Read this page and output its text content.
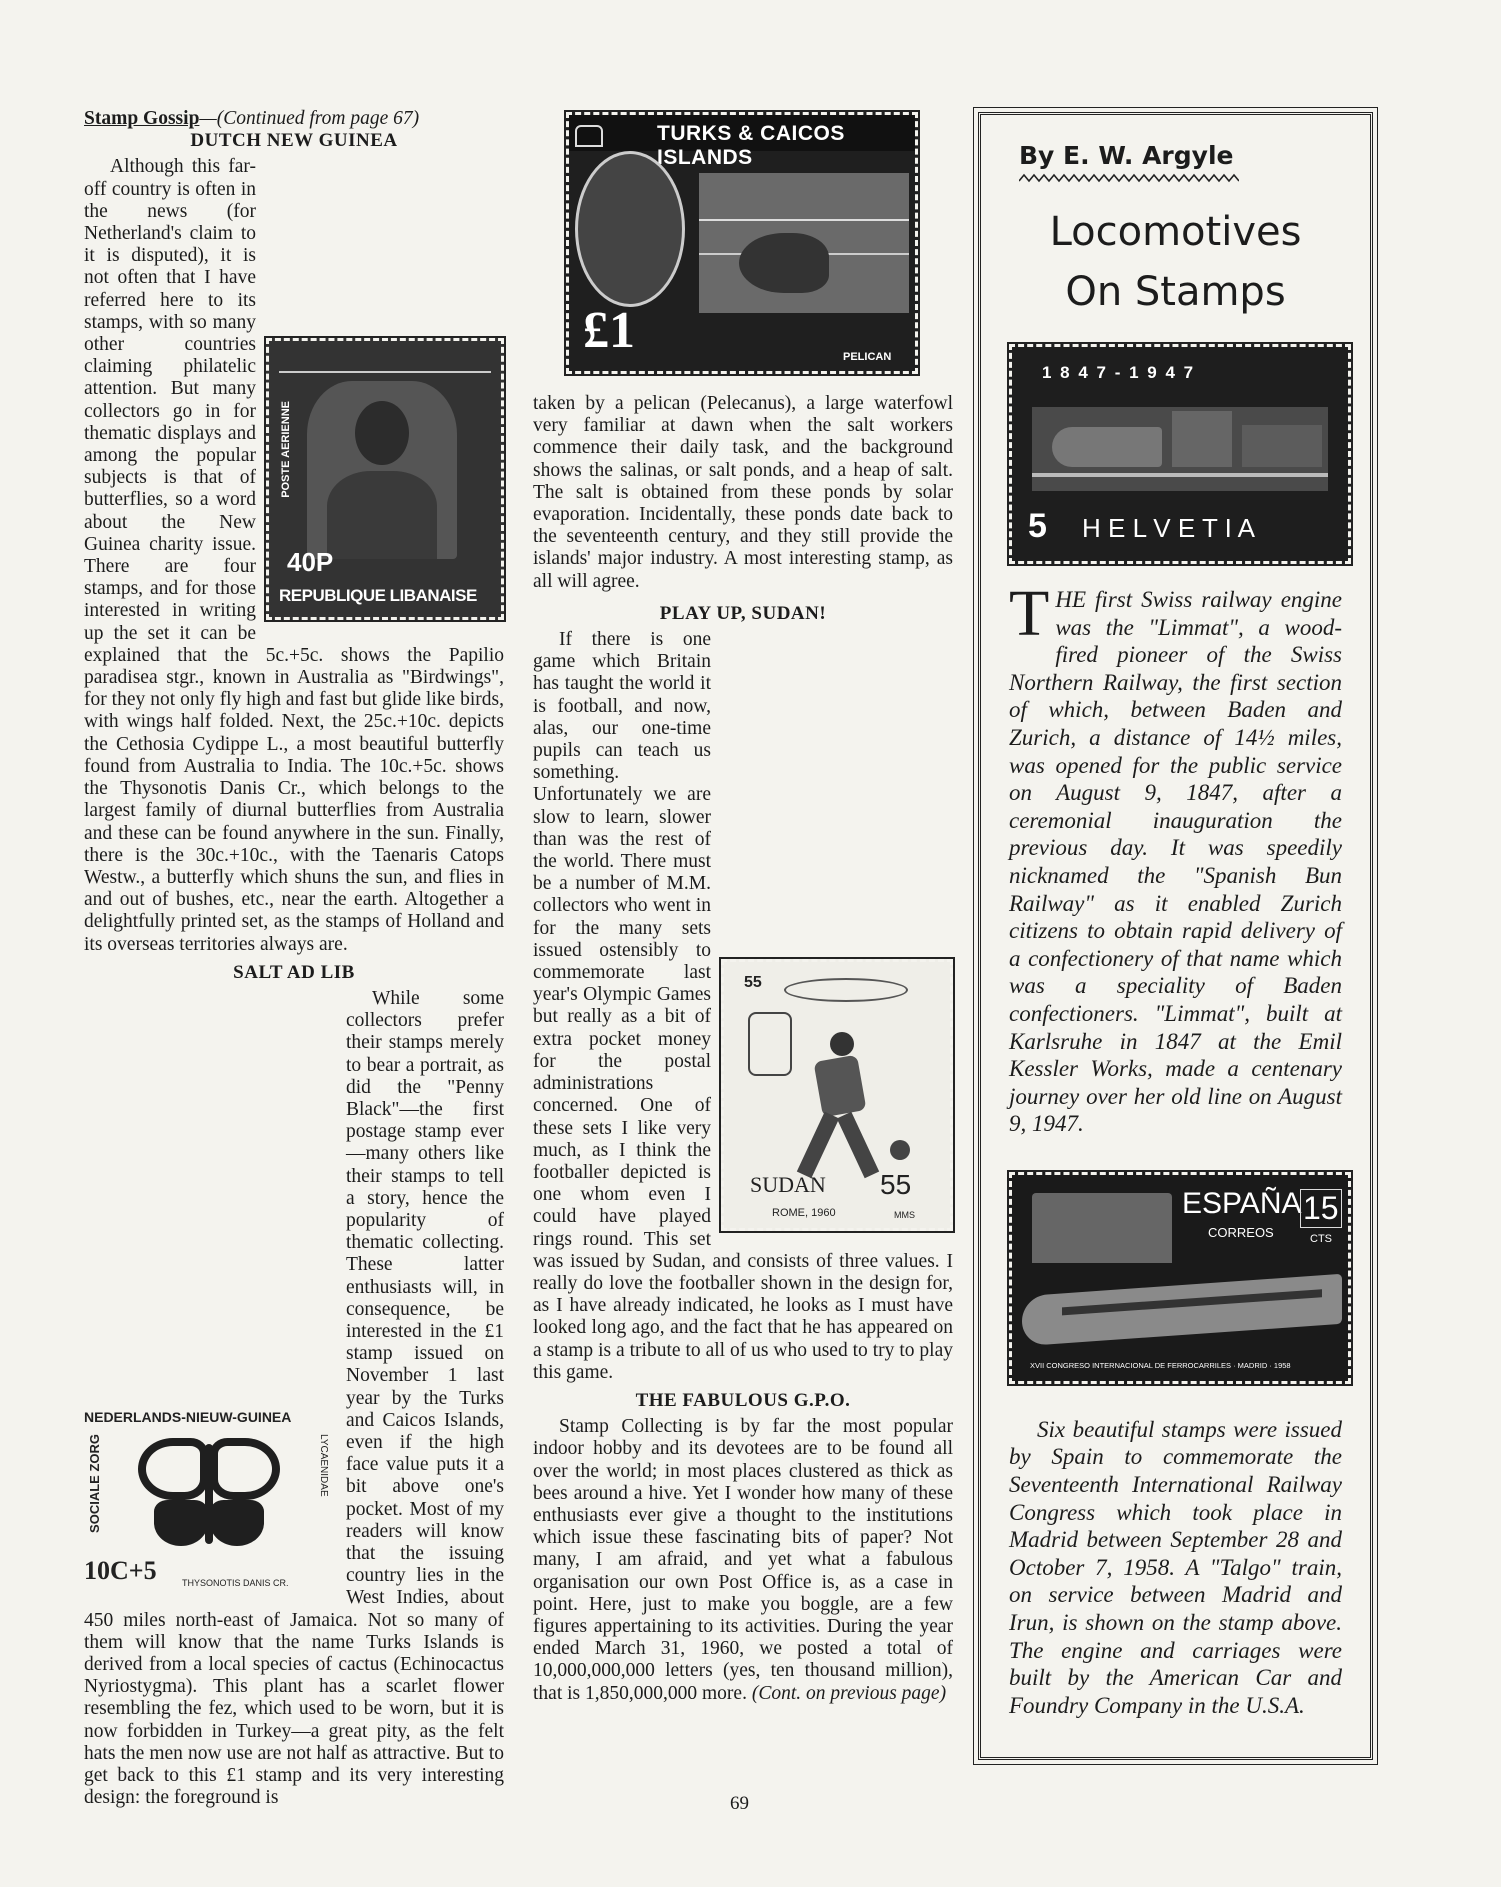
TURKS & CAICOS ISLANDS
£1	PELICAN

Stamp Gossip—(Continued from page 67)

DUTCH NEW GUINEA
POSTE AERIENNE
40P
REPUBLIQUE LIBANAISE

Although this far-off country is often in the news (for Netherland's claim to it is disputed), it is not often that I have referred here to its stamps, with so many other countries claiming philatelic attention. But many collectors go in for thematic displays and among the popular subjects is that of butterflies, so a word about the New Guinea charity issue. There are four stamps, and for those interested in writing up the set it can be explained that the 5c.+5c. shows the Papilio paradisea stgr., known in Australia as "Birdwings", for they not only fly high and fast but glide like birds, with wings half folded. Next, the 25c.+10c. depicts the Cethosia Cydippe L., a most beautiful butterfly found from Australia to India. The 10c.+5c. shows the Thysonotis Danis Cr., which belongs to the largest family of diurnal butterflies from Australia and these can be found anywhere in the sun. Finally, there is the 30c.+10c., with the Taenaris Catops Westw., a butterfly which shuns the sun, and flies in and out of bushes, etc., near the earth. Altogether a delightfully printed set, as the stamps of Holland and its overseas territories always are.

SALT AD LIB
NEDERLANDS-NIEUW-GUINEA
SOCIALE ZORG	LYCAENIDAE
10C+5	THYSONOTIS DANIS CR.

While some collectors prefer their stamps merely to bear a portrait, as did the "Penny Black"—the first postage stamp ever—many others like their stamps to tell a story, hence the popularity of thematic collecting. These latter enthusiasts will, in consequence, be interested in the £1 stamp issued on November 1 last year by the Turks and Caicos Islands, even if the high face value puts it a bit above one's pocket. Most of my readers will know that the issuing country lies in the West Indies, about 450 miles north-east of Jamaica. Not so many of them will know that the name Turks Islands is derived from a local species of cactus (Echinocactus Nyriostygma). This plant has a scarlet flower resembling the fez, which used to be worn, but it is now forbidden in Turkey—a great pity, as the felt hats the men now use are not half as attractive. But to get back to this £1 stamp and its very interesting design: the foreground is

taken by a pelican (Pelecanus), a large waterfowl very familiar at dawn when the salt workers commence their daily task, and the background shows the salinas, or salt ponds, and a heap of salt. The salt is obtained from these ponds by solar evaporation. Incidentally, these ponds date back to the seventeenth century, and they still provide the islands' major industry. A most interesting stamp, as all will agree.

PLAY UP, SUDAN!
55
SUDAN 55
ROME, 1960	MMS

If there is one game which Britain has taught the world it is football, and now, alas, our one-time pupils can teach us something. Unfortunately we are slow to learn, slower than was the rest of the world. There must be a number of M.M. collectors who went in for the many sets issued ostensibly to commemorate last year's Olympic Games but really as a bit of extra pocket money for the postal administrations concerned. One of these sets I like very much, as I think the footballer depicted is one whom even I could have played rings round. This set was issued by Sudan, and consists of three values. I really do love the footballer shown in the design for, as I have already indicated, he looks as I must have looked long ago, and the fact that he has appeared on a stamp is a tribute to all of us who used to try to play this game.

THE FABULOUS G.P.O.

Stamp Collecting is by far the most popular indoor hobby and its devotees are to be found all over the world; in most places clustered as thick as bees around a hive. Yet I wonder how many of these enthusiasts ever give a thought to the institutions which issue these fascinating bits of paper? Not many, I am afraid, and yet what a fabulous organisation our own Post Office is, as a case in point. Here, just to make you boggle, are a few figures appertaining to its activities. During the year ended March 31, 1960, we posted a total of 10,000,000,000 letters (yes, ten thousand million), that is 1,850,000,000 more. (Cont. on previous page)

By E. W. Argyle
Locomotives
On Stamps
1 8 4 7 - 1 9 4 7
5 H E L V E T I A
THE first Swiss railway engine was the "Limmat", a wood-fired pioneer of the Swiss Northern Railway, the first section of which, between Baden and Zurich, a distance of 14½ miles, was opened for the public service on August 9, 1847, after a ceremonial inauguration the previous day. It was speedily nicknamed the "Spanish Bun Railway" as it enabled Zurich citizens to obtain rapid delivery of a confectionery of that name which was a speciality of Baden confectioners. "Limmat", built at Karlsruhe in 1847 at the Emil Kessler Works, made a centenary journey over her old line on August 9, 1947.
ESPAÑA
CORREOS
15
CTS
XVII CONGRESO INTERNACIONAL DE FERROCARRILES · MADRID · 1958
Six beautiful stamps were issued by Spain to commemorate the Seventeenth International Railway Congress which took place in Madrid between September 28 and October 7, 1958. A "Talgo" train, on service between Madrid and Irun, is shown on the stamp above. The engine and carriages were built by the American Car and Foundry Company in the U.S.A.
69
